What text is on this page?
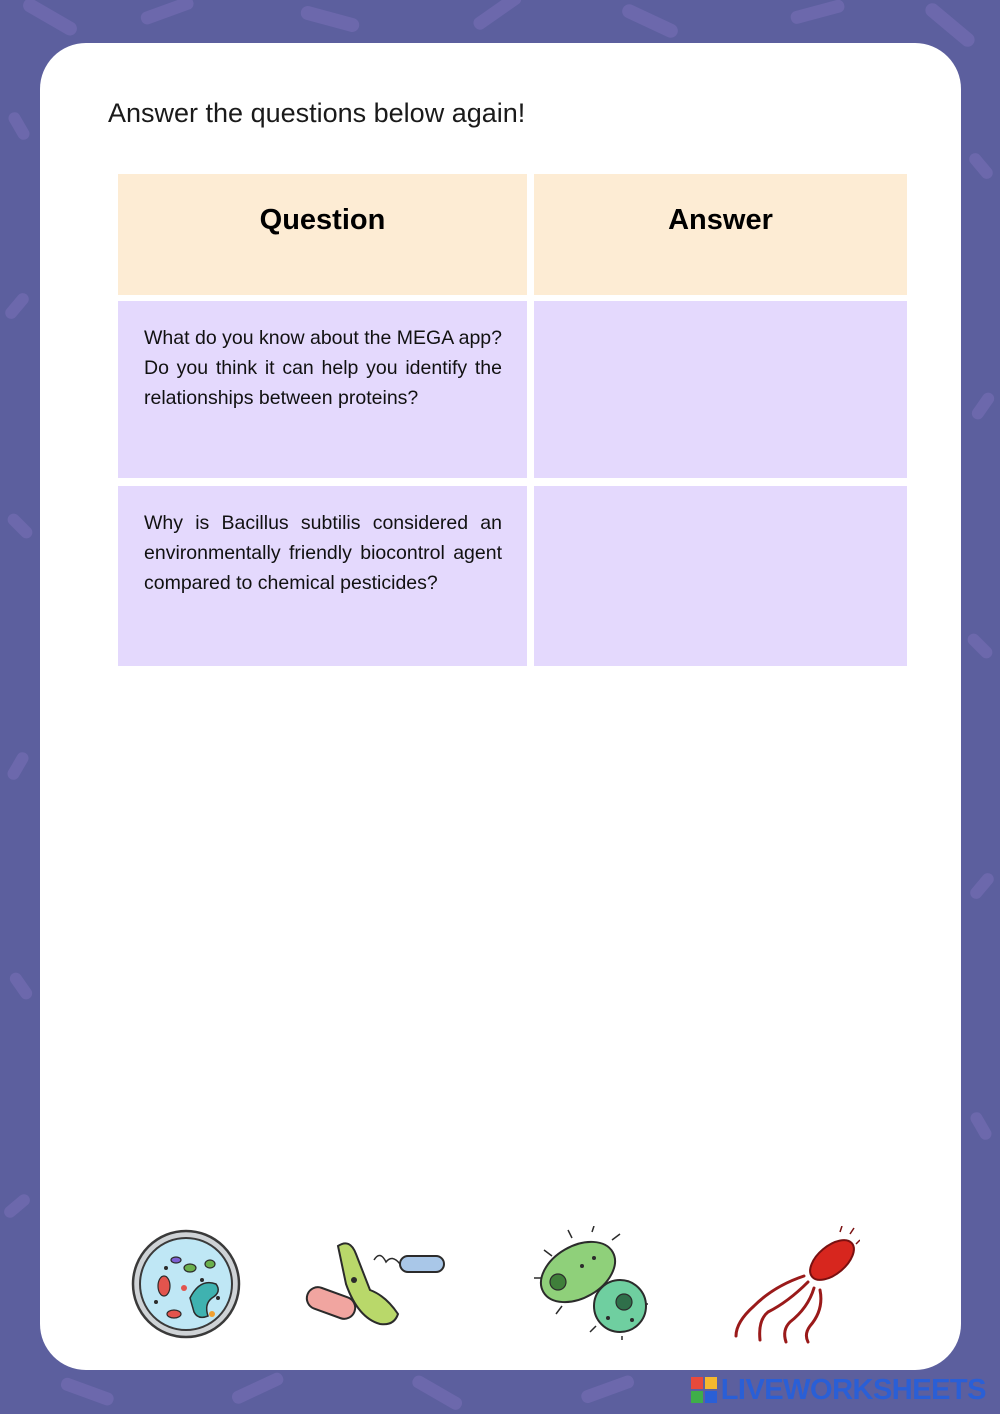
Answer the questions below again!
Question	Answer
What do you know about the MEGA app? Do you think it can help you identify the relationships between proteins?
Why is Bacillus subtilis considered an environmentally friendly biocontrol agent compared to chemical pesticides?
LIVEWORKSHEETS
